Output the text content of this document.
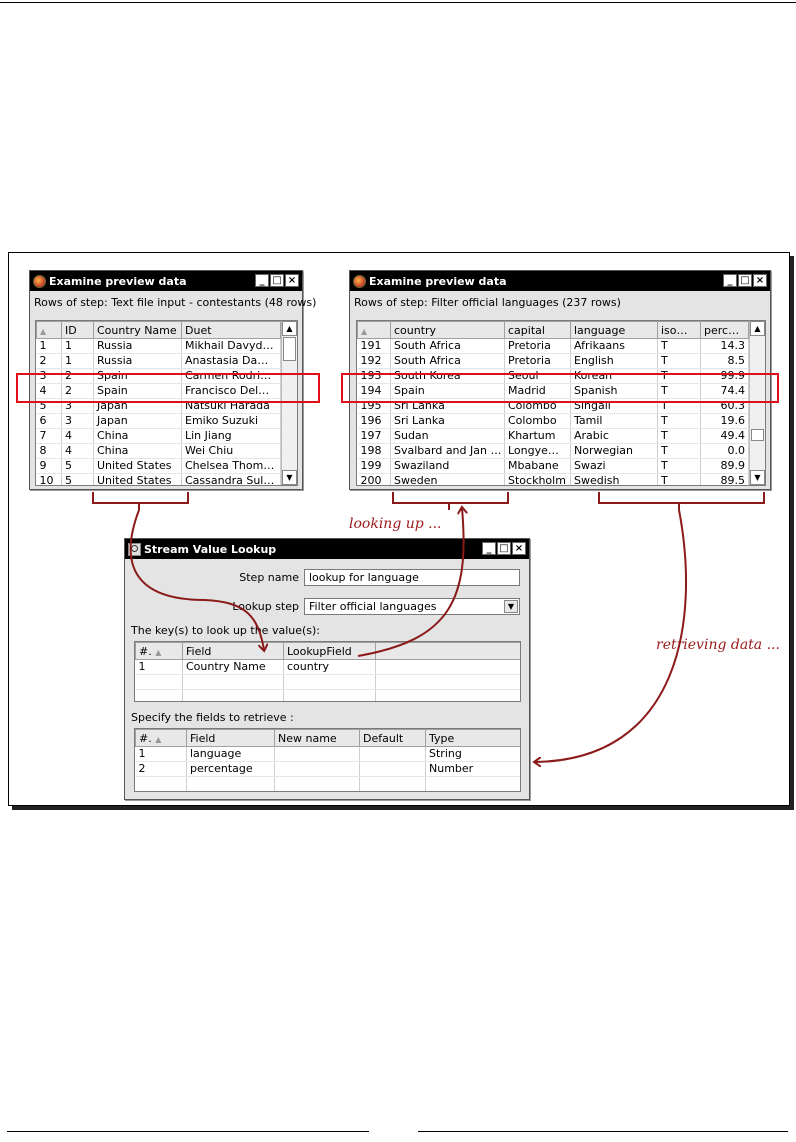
Examine preview data	_ □ ×
Rows of step: Text file input - contestants (48 rows)
▲	ID	Country Name	Duet
1	1	Russia	Mikhail Davyd…
2	1	Russia	Anastasia Da…
3	2	Spain	Carmen Rodri…
4	2	Spain	Francisco Del…
5	3	Japan	Natsuki Harada
6	3	Japan	Emiko Suzuki
7	4	China	Lin Jiang
8	4	China	Wei Chiu
9	5	United States	Chelsea Thom…
10	5	United States	Cassandra Sul…
▲
▼
Examine preview data	_ □ ×
Rows of step: Filter official languages (237 rows)
▲	country	capital	language	iso…	perc…
191	South Africa	Pretoria	Afrikaans	T	14.3
192	South Africa	Pretoria	English	T	8.5
193	South Korea	Seoul	Korean	T	99.9
194	Spain	Madrid	Spanish	T	74.4
195	Sri Lanka	Colombo	Singali	T	60.3
196	Sri Lanka	Colombo	Tamil	T	19.6
197	Sudan	Khartum	Arabic	T	49.4
198	Svalbard and Jan …	Longye…	Norwegian	T	0.0
199	Swaziland	Mbabane	Swazi	T	89.9
200	Sweden	Stockholm	Swedish	T	89.5
▲
▼
looking up ...
retrieving data ...
Stream Value Lookup	_ □ ×
Step name lookup for language
Lookup step Filter official languages	▼
The key(s) to look up the value(s):
#. ▲	Field	LookupField	
1	Country Name	country	

Specify the fields to retrieve :
#. ▲	Field	New name	Default	Type
1	language			String
2	percentage			Number
